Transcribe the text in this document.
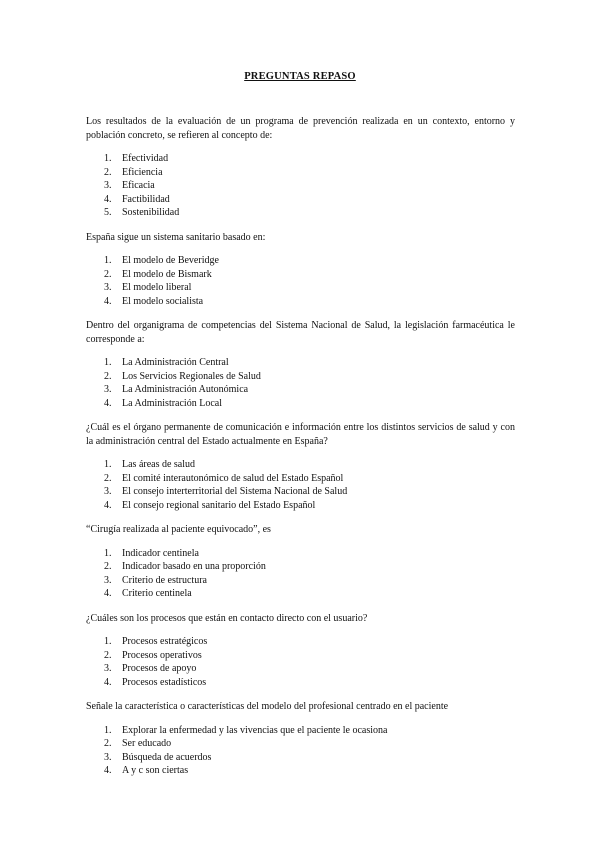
PREGUNTAS REPASO

Los resultados de la evaluación de un programa de prevención realizada en un contexto, entorno y población concreto, se refieren al concepto de:

1.	Efectividad
2.	Eficiencia
3.	Eficacia
4.	Factibilidad
5.	Sostenibilidad

España sigue un sistema sanitario basado en:

1.	El modelo de Beveridge
2.	El modelo de Bismark
3.	El modelo liberal
4.	El modelo socialista

Dentro del organigrama de competencias del Sistema Nacional de Salud, la legislación farmacéutica le corresponde a:

1.	La Administración Central
2.	Los Servicios Regionales de Salud
3.	La Administración Autonómica
4.	La Administración Local

¿Cuál es el órgano permanente de comunicación e información entre los distintos servicios de salud y con la administración central del Estado actualmente en España?

1.	Las áreas de salud
2.	El comité interautonómico de salud del Estado Español
3.	El consejo interterritorial del Sistema Nacional de Salud
4.	El consejo regional sanitario del Estado Español

“Cirugía realizada al paciente equivocado”, es

1.	Indicador centinela
2.	Indicador basado en una proporción
3.	Criterio de estructura
4.	Criterio centinela

¿Cuáles son los procesos que están en contacto directo con el usuario?

1.	Procesos estratégicos
2.	Procesos operativos
3.	Procesos de apoyo
4.	Procesos estadísticos

Señale la característica o características del modelo del profesional centrado en el paciente

1.	Explorar la enfermedad y las vivencias que el paciente le ocasiona
2.	Ser educado
3.	Búsqueda de acuerdos
4.	A y c son ciertas
